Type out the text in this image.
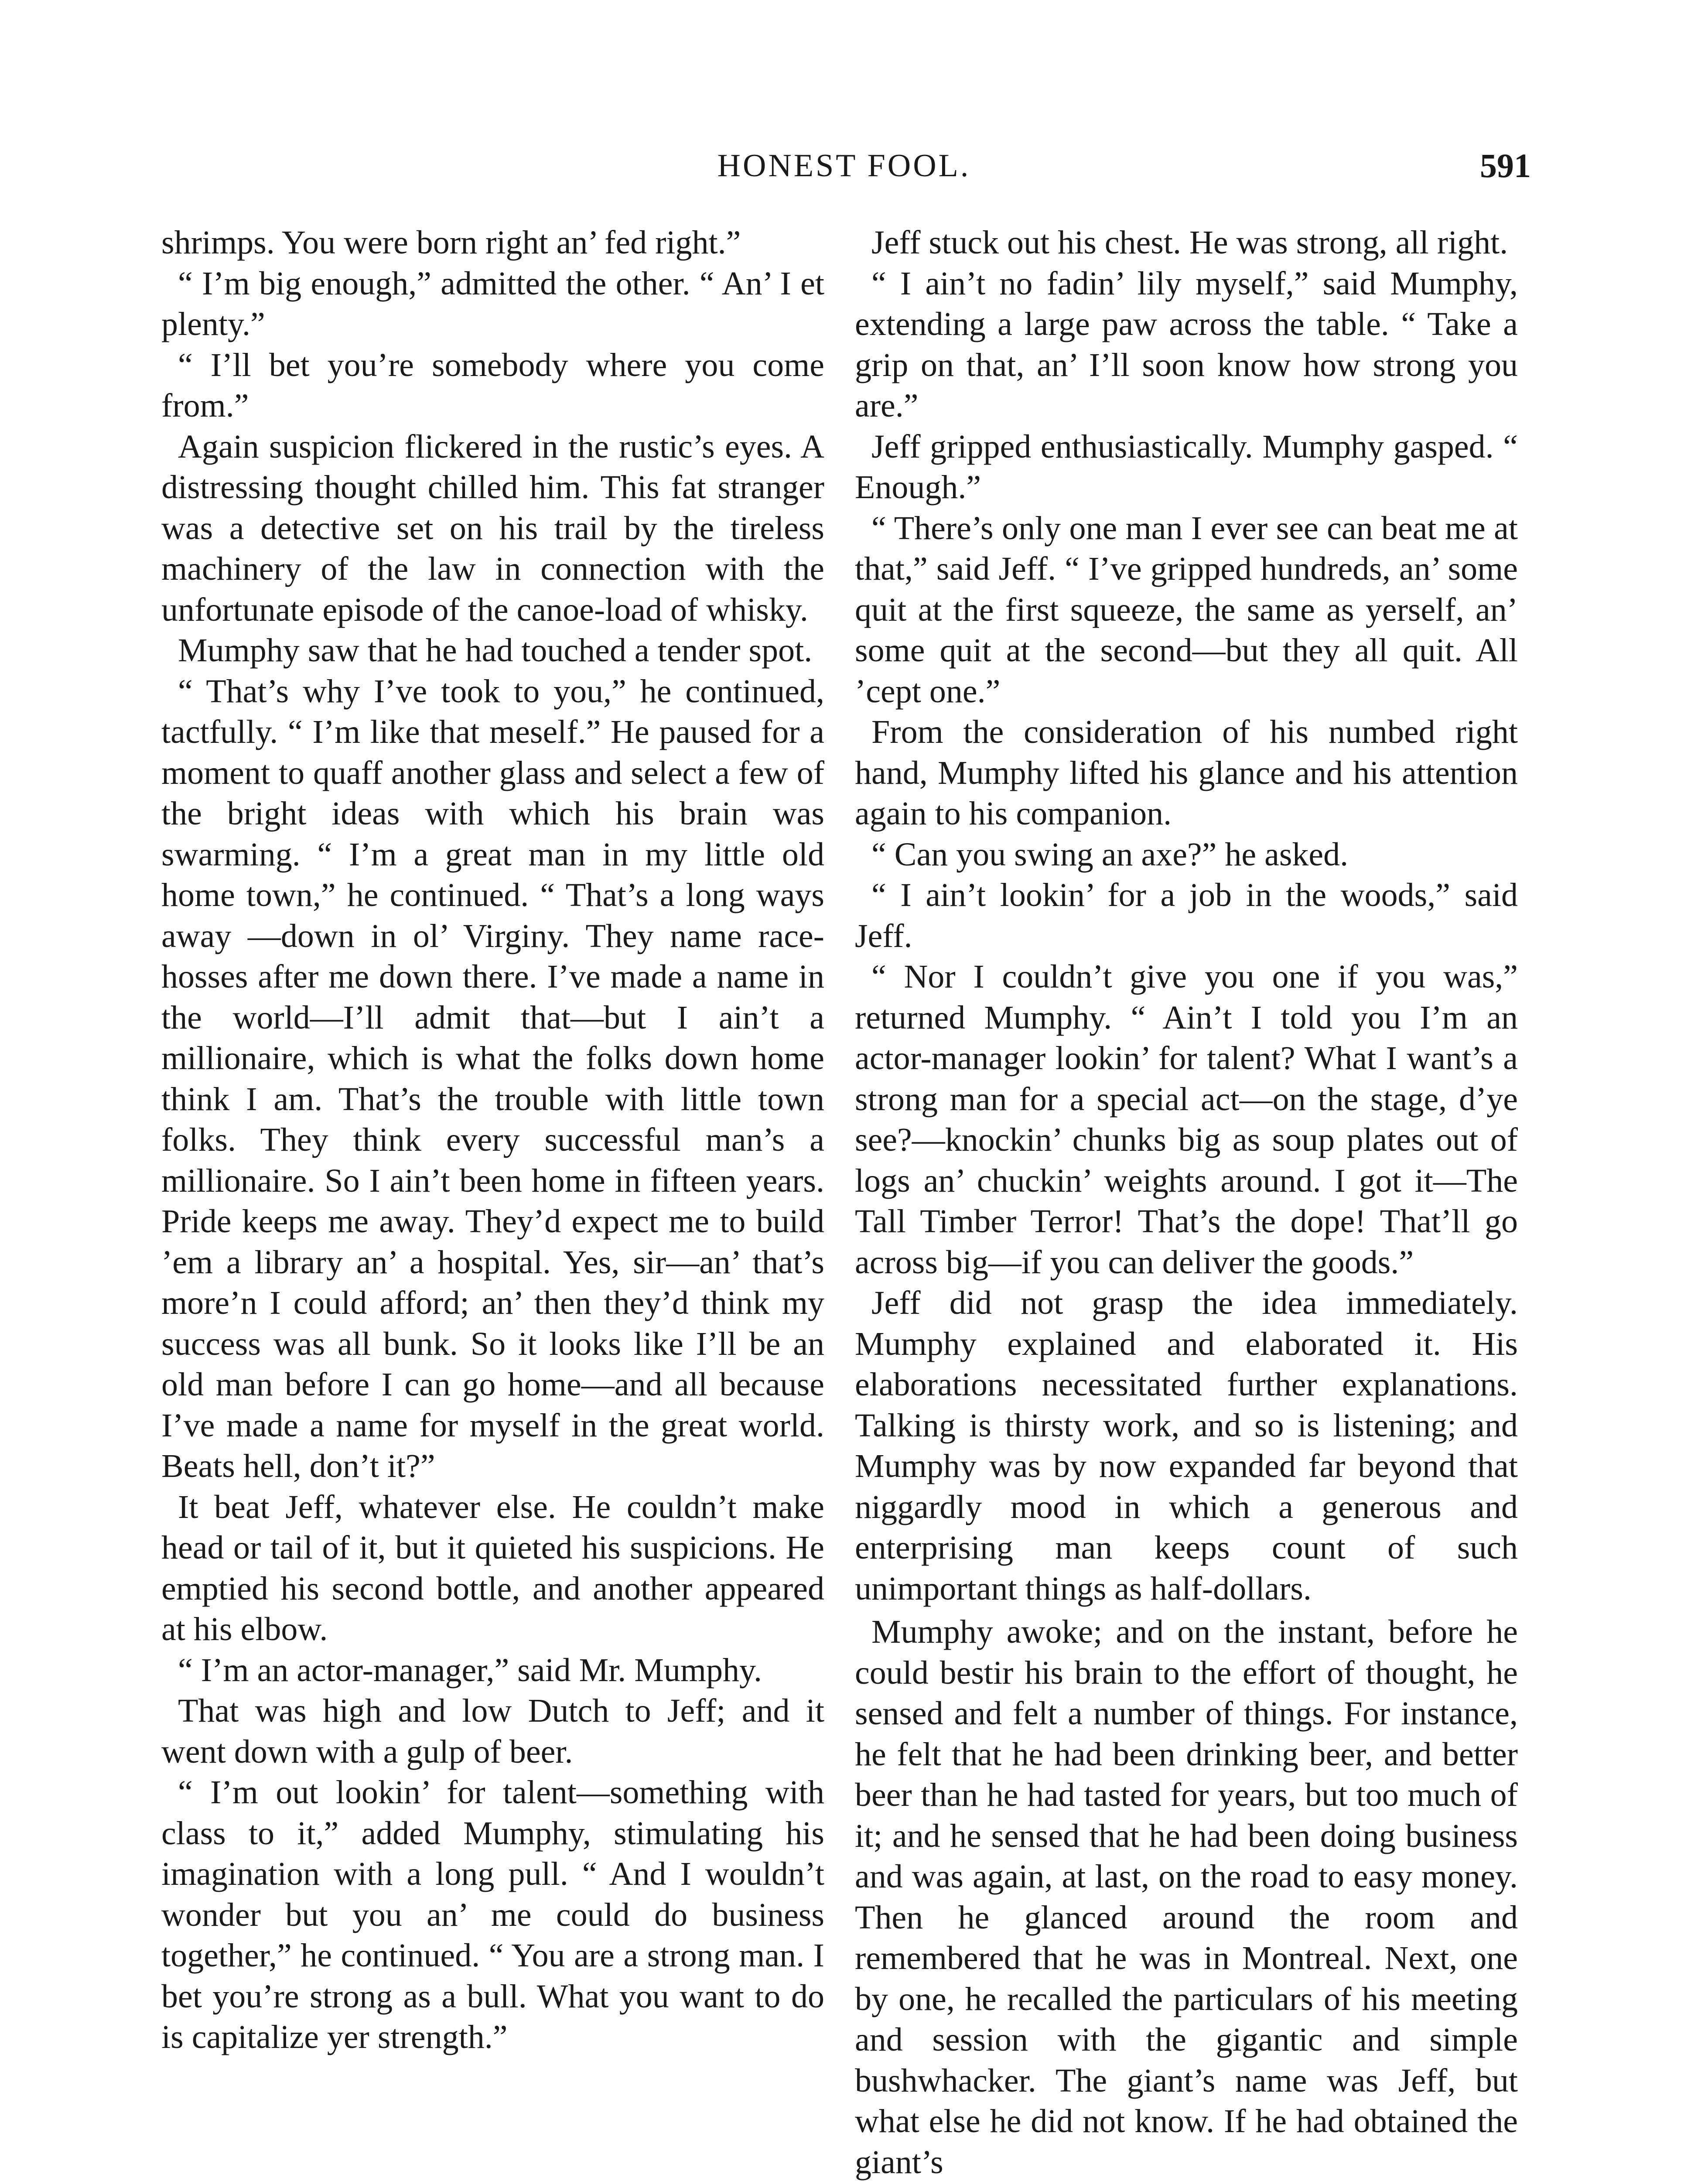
HONEST FOOL.	591

shrimps. You were born right an’ fed right.”

“ I’m big enough,” admitted the other. “ An’ I et plenty.”

“ I’ll bet you’re somebody where you come from.”

Again suspicion flickered in the rustic’s eyes. A distressing thought chilled him. This fat stranger was a detective set on his trail by the tireless machinery of the law in connection with the unfortunate episode of the canoe-load of whisky.

Mumphy saw that he had touched a tender spot.

“ That’s why I’ve took to you,” he continued, tactfully. “ I’m like that meself.” He paused for a moment to quaff another glass and select a few of the bright ideas with which his brain was swarming. “ I’m a great man in my little old home town,” he continued. “ That’s a long ways away —down in ol’ Virginy. They name race-hosses after me down there. I’ve made a name in the world—I’ll admit that—but I ain’t a millionaire, which is what the folks down home think I am. That’s the trouble with little town folks. They think every successful man’s a millionaire. So I ain’t been home in fifteen years. Pride keeps me away. They’d expect me to build ’em a library an’ a hospital. Yes, sir—an’ that’s more’n I could afford; an’ then they’d think my success was all bunk. So it looks like I’ll be an old man before I can go home—and all because I’ve made a name for myself in the great world. Beats hell, don’t it?”

It beat Jeff, whatever else. He couldn’t make head or tail of it, but it quieted his suspicions. He emptied his second bottle, and another appeared at his elbow.

“ I’m an actor-manager,” said Mr. Mumphy.

That was high and low Dutch to Jeff; and it went down with a gulp of beer.

“ I’m out lookin’ for talent—something with class to it,” added Mumphy, stimulating his imagination with a long pull. “ And I wouldn’t wonder but you an’ me could do business together,” he continued. “ You are a strong man. I bet you’re strong as a bull. What you want to do is capitalize yer strength.”

Jeff stuck out his chest. He was strong, all right.

“ I ain’t no fadin’ lily myself,” said Mumphy, extending a large paw across the table. “ Take a grip on that, an’ I’ll soon know how strong you are.”

Jeff gripped enthusiastically. Mumphy gasped. “ Enough.”

“ There’s only one man I ever see can beat me at that,” said Jeff. “ I’ve gripped hundreds, an’ some quit at the first squeeze, the same as yerself, an’ some quit at the second—but they all quit. All ’cept one.”

From the consideration of his numbed right hand, Mumphy lifted his glance and his attention again to his companion.

“ Can you swing an axe?” he asked.

“ I ain’t lookin’ for a job in the woods,” said Jeff.

“ Nor I couldn’t give you one if you was,” returned Mumphy. “ Ain’t I told you I’m an actor-manager lookin’ for talent? What I want’s a strong man for a special act—on the stage, d’ye see?—knockin’ chunks big as soup plates out of logs an’ chuckin’ weights around. I got it—The Tall Timber Terror! That’s the dope! That’ll go across big—if you can deliver the goods.”

Jeff did not grasp the idea immediately. Mumphy explained and elaborated it. His elaborations necessitated further explanations. Talking is thirsty work, and so is listening; and Mumphy was by now expanded far beyond that niggardly mood in which a generous and enterprising man keeps count of such unimportant things as half-dollars.

Mumphy awoke; and on the instant, before he could bestir his brain to the effort of thought, he sensed and felt a number of things. For instance, he felt that he had been drinking beer, and better beer than he had tasted for years, but too much of it; and he sensed that he had been doing business and was again, at last, on the road to easy money. Then he glanced around the room and remembered that he was in Montreal. Next, one by one, he recalled the particulars of his meeting and session with the gigantic and simple bushwhacker. The giant’s name was Jeff, but what else he did not know. If he had obtained the giant’s
